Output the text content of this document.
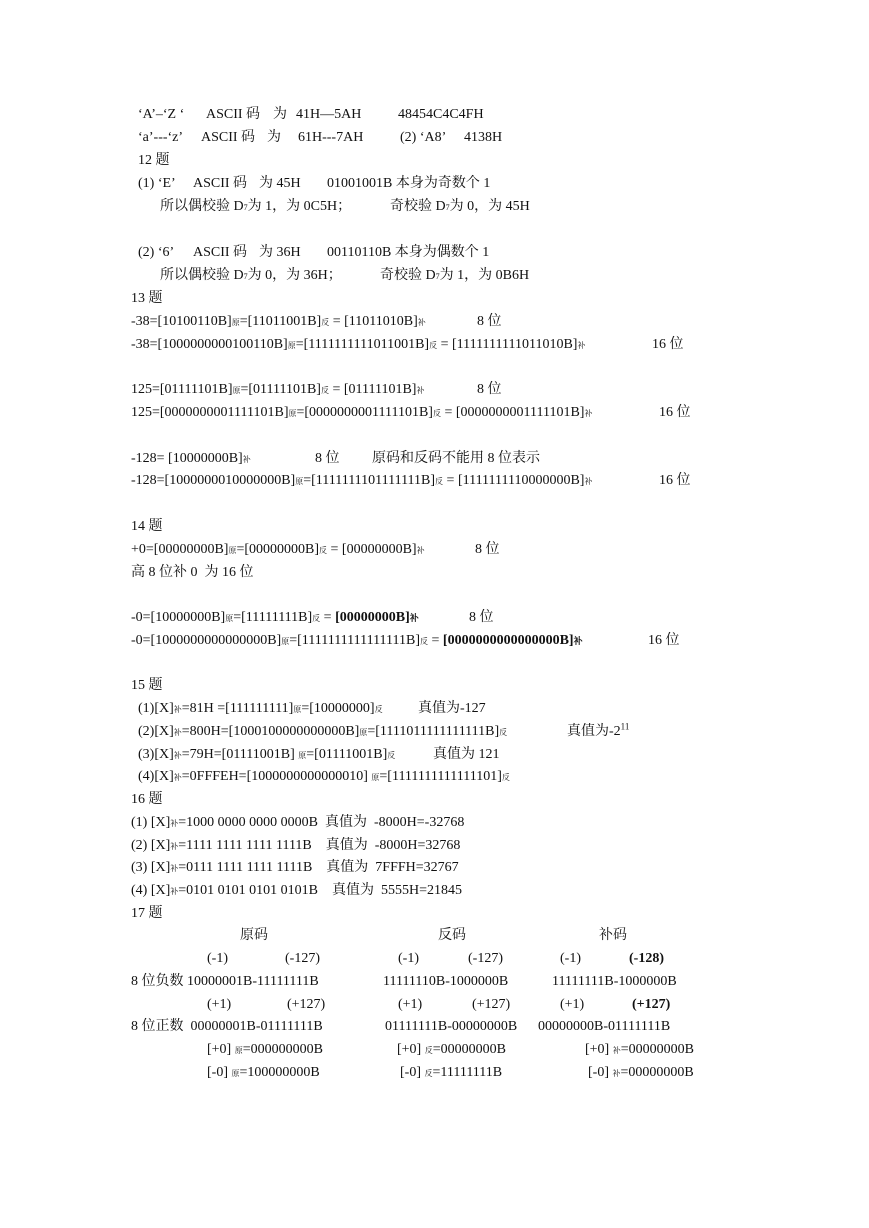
‘A’–‘Z ‘ ASCII 码 为 41H—5AH	48454C4C4FH
‘a’---‘z’ ASCII 码 为 61H---7AH	(2) ‘A8’ 4138H
12 题
(1) ‘E’ ASCII 码 为 45H 01001001B 本身为奇数个 1
所以偶校验 D7为 1，为 0C5H；	奇校验 D7为 0，为 45H
(2) ‘6’ ASCII 码 为 36H 00110110B 本身为偶数个 1
所以偶校验 D7为 0，为 36H；	奇校验 D7为 1，为 0B6H
13 题
-38=[10100110B]原=[11011001B]反 = [11011010B]补	8 位
-38=[1000000000100110B]原=[1111111111011001B]反 = [1111111111011010B]补	16 位
125=[01111101B]原=[01111101B]反 = [01111101B]补	8 位
125=[0000000001111101B]原=[0000000001111101B]反 = [0000000001111101B]补	16 位
-128= [10000000B]补	8 位 原码和反码不能用 8 位表示
-128=[1000000010000000B]原=[1111111101111111B]反 = [1111111110000000B]补	16 位
14 题
+0=[00000000B]原=[00000000B]反 = [00000000B]补	8 位
高 8 位补 0  为 16 位
-0=[10000000B]原=[11111111B]反 = [00000000B]补	8 位
-0=[1000000000000000B]原=[1111111111111111B]反 = [0000000000000000B]补	16 位
15 题
(1)[X]补=81H =[111111111]原=[10000000]反	真值为-127
(2)[X]补=800H=[1000100000000000B]原=[1111011111111111B]反	真值为$-2^{11}$
(3)[X]补=79H=[01111001B] 原=[01111001B]反	真值为 121
(4)[X]补=0FFFEH=[1000000000000010] 原=[1111111111111101]反
16 题
(1) [X]补=1000 0000 0000 0000B  真值为  -8000H=-32768
(2) [X]补=1111 1111 1111 1111B    真值为  -8000H=32768
(3) [X]补=0111 1111 1111 1111B    真值为  7FFFH=32767
(4) [X]补=0101 0101 0101 0101B    真值为  5555H=21845
17 题
原码	反码	补码
(-1)	(-127)	(-1)	(-127)	(-1)	(-128)
8 位负数 10000001B-11111111B	11111110B-1000000B	11111111B-1000000B
(+1)	(+127)	(+1)	(+127)	(+1)	(+127)
8 位正数  00000001B-01111111B	01111111B-00000000B 00000000B-01111111B
[+0] 原=000000000B	[+0] 反=00000000B	[+0] 补=00000000B
[-0] 原=100000000B	[-0] 反=11111111B	[-0] 补=00000000B
